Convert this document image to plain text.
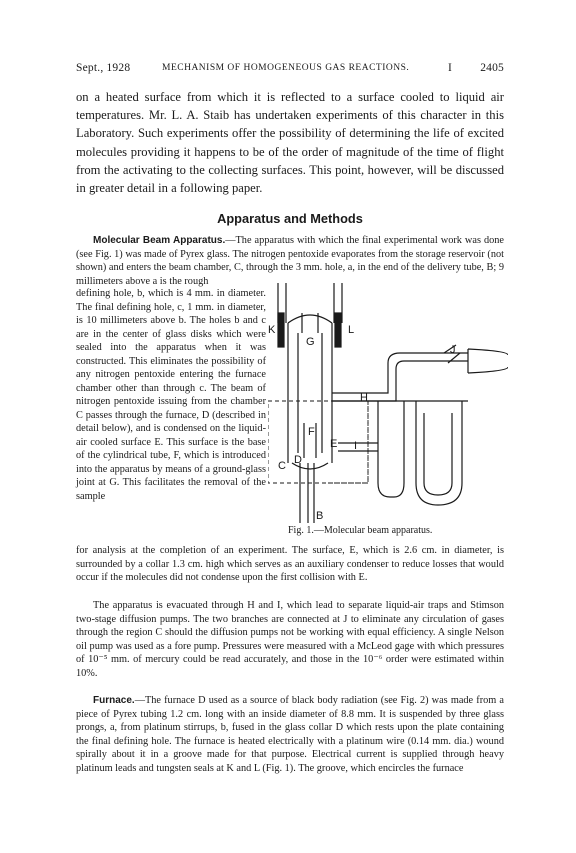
Sept., 1928	MECHANISM OF HOMOGENEOUS GAS REACTIONS.	I 2405

on a heated surface from which it is reflected to a surface cooled to liquid air temperatures. Mr. L. A. Staib has undertaken experiments of this character in this Laboratory. Such experiments offer the possibility of determining the life of excited molecules providing it happens to be of the order of magnitude of the time of flight from the activating to the collecting surfaces. This point, however, will be discussed in greater detail in a following paper.

Apparatus and Methods

Molecular Beam Apparatus.—The apparatus with which the final experimental work was done (see Fig. 1) was made of Pyrex glass. The nitrogen pentoxide evaporates from the storage reservoir (not shown) and enters the beam chamber, C, through the 3 mm. hole, a, in the end of the delivery tube, B; 9 millimeters above a is the rough

defining hole, b, which is 4 mm. in diameter. The final defining hole, c, 1 mm. in diameter, is 10 millimeters above b. The holes b and c are in the center of glass disks which were sealed into the apparatus when it was constructed. This eliminates the possibility of any nitrogen pentoxide entering the furnace chamber other than through c. The beam of nitrogen pentoxide issuing from the chamber C passes through the furnace, D (described in detail below), and is condensed on the liquid-air cooled surface E. This surface is the base of the cylindrical tube, F, which is introduced into the apparatus by means of a ground-glass joint at G. This facilitates the removal of the sample

K
G
L
H
J
F
E I
C D
B
Fig. 1.—Molecular beam apparatus.

for analysis at the completion of an experiment. The surface, E, which is 2.6 cm. in diameter, is surrounded by a collar 1.3 cm. high which serves as an auxiliary condenser to reduce losses that would occur if the molecules did not condense upon the first collision with E.

The apparatus is evacuated through H and I, which lead to separate liquid-air traps and Stimson two-stage diffusion pumps. The two branches are connected at J to eliminate any circulation of gases through the region C should the diffusion pumps not be working with equal efficiency. A single Nelson oil pump was used as a fore pump. Pressures were measured with a McLeod gage with which pressures of 10⁻⁵ mm. of mercury could be read accurately, and those in the 10⁻⁶ order were estimated within 10%.

Furnace.—The furnace D used as a source of black body radiation (see Fig. 2) was made from a piece of Pyrex tubing 1.2 cm. long with an inside diameter of 8.8 mm. It is suspended by three glass prongs, a, from platinum stirrups, b, fused in the glass collar D which rests upon the plate containing the final defining hole. The furnace is heated electrically with a platinum wire (0.14 mm. dia.) wound spirally about it in a groove made for that purpose. Electrical current is supplied through heavy platinum leads and tungsten seals at K and L (Fig. 1). The groove, which encircles the furnace
